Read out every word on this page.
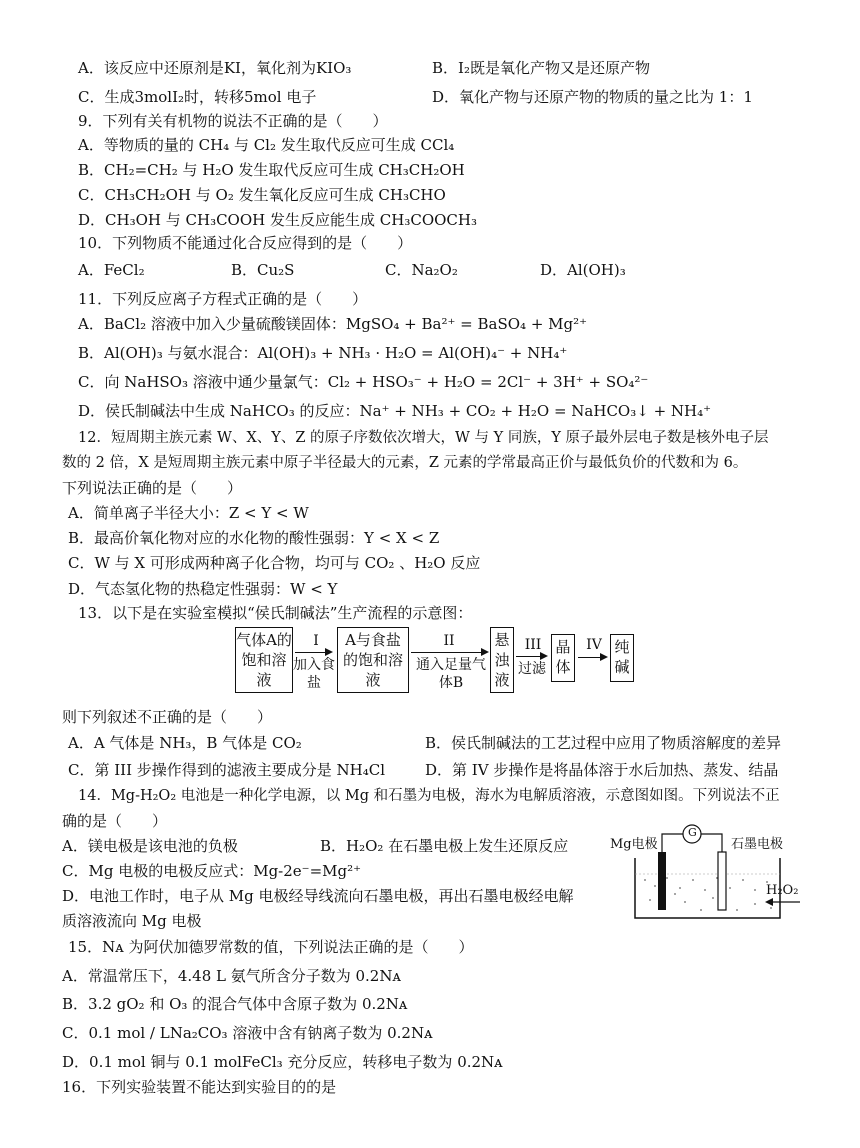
A．该反应中还原剂是KI，氧化剂为KIO₃	B．I₂既是氧化产物又是还原产物
C．生成3molI₂时，转移5mol 电子	D．氧化产物与还原产物的物质的量之比为 1：1
9．下列有关有机物的说法不正确的是（　　）
A．等物质的量的 CH₄ 与 Cl₂ 发生取代反应可生成 CCl₄
B．CH₂=CH₂ 与 H₂O 发生取代反应可生成 CH₃CH₂OH
C．CH₃CH₂OH 与 O₂ 发生氧化反应可生成 CH₃CHO
D．CH₃OH 与 CH₃COOH 发生反应能生成 CH₃COOCH₃
10．下列物质不能通过化合反应得到的是（　　）
A．FeCl₂	B．Cu₂S	C．Na₂O₂	D．Al(OH)₃
11．下列反应离子方程式正确的是（　　）
A．BaCl₂ 溶液中加入少量硫酸镁固体：MgSO₄ + Ba²⁺ = BaSO₄ + Mg²⁺
B．Al(OH)₃ 与氨水混合：Al(OH)₃ + NH₃ · H₂O = Al(OH)₄⁻ + NH₄⁺
C．向 NaHSO₃ 溶液中通少量氯气：Cl₂ + HSO₃⁻ + H₂O = 2Cl⁻ + 3H⁺ + SO₄²⁻
D．侯氏制碱法中生成 NaHCO₃ 的反应：Na⁺ + NH₃ + CO₂ + H₂O = NaHCO₃↓ + NH₄⁺
12．短周期主族元素 W、X、Y、Z 的原子序数依次增大，W 与 Y 同族，Y 原子最外层电子数是核外电子层
数的 2 倍，X 是短周期主族元素中原子半径最大的元素，Z 元素的学常最高正价与最低负价的代数和为 6。
下列说法正确的是（　　）
A．简单离子半径大小：Z < Y < W
B．最高价氧化物对应的水化物的酸性强弱：Y < X < Z
C．W 与 X 可形成两种离子化合物，均可与 CO₂ 、H₂O 反应
D．气态氢化物的热稳定性强弱：W < Y
13．以下是在实验室模拟“侯氏制碱法”生产流程的示意图：
气体A的饱和溶液
I
加入食盐
A与食盐的饱和溶液
II
通入足量气体B
悬浊液
III
过滤
晶体
IV 纯碱
则下列叙述不正确的是（　　）
A．A 气体是 NH₃，B 气体是 CO₂	B．侯氏制碱法的工艺过程中应用了物质溶解度的差异
C．第 III 步操作得到的滤液主要成分是 NH₄Cl	D．第 IV 步操作是将晶体溶于水后加热、蒸发、结晶
14．Mg-H₂O₂ 电池是一种化学电源，以 Mg 和石墨为电极，海水为电解质溶液，示意图如图。下列说法不正
确的是（　　）
A．镁电极是该电池的负极	B．H₂O₂ 在石墨电极上发生还原反应
C．Mg 电极的电极反应式：Mg-2e⁻=Mg²⁺
D．电池工作时，电子从 Mg 电极经导线流向石墨电极，再出石墨电极经电解
质溶液流向 Mg 电极
Mg电极
G
石墨电极
H₂O₂
15．Nᴀ 为阿伏加德罗常数的值，下列说法正确的是（　　）
A．常温常压下，4.48 L 氨气所含分子数为 0.2Nᴀ
B．3.2 gO₂ 和 O₃ 的混合气体中含原子数为 0.2Nᴀ
C．0.1 mol / LNa₂CO₃ 溶液中含有钠离子数为 0.2Nᴀ
D．0.1 mol 铜与 0.1 molFeCl₃ 充分反应，转移电子数为 0.2Nᴀ
16．下列实验装置不能达到实验目的的是
